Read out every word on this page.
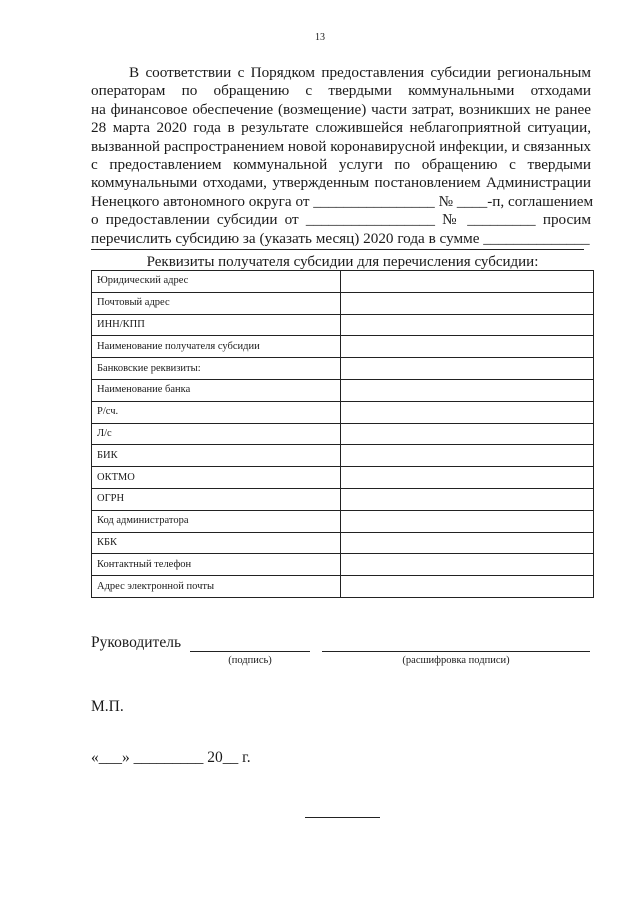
13
В соответствии с Порядком предоставления субсидии региональным
операторам по обращению с твердыми коммунальными отходами
на финансовое обеспечение (возмещение) части затрат, возникших не ранее
28 марта 2020 года в результате сложившейся неблагоприятной ситуации,
вызванной распространением новой коронавирусной инфекции, и связанных
с предоставлением коммунальной услуги по обращению с твердыми
коммунальными отходами, утвержденным постановлением Администрации
Ненецкого автономного округа от ________________ № ____-п, соглашением
о предоставлении субсидии от _________________ № _________ просим
перечислить субсидию за (указать месяц) 2020 года в сумме ______________
Реквизиты получателя субсидии для перечисления субсидии:
Юридический адрес	
Почтовый адрес	
ИНН/КПП	
Наименование получателя субсидии	
Банковские реквизиты:	
Наименование банка	
Р/сч.	
Л/с	
БИК	
ОКТМО	
ОГРН	
Код администратора	
КБК	
Контактный телефон	
Адрес электронной почты	
Руководитель
(подпись)	(расшифровка подписи)
М.П.
«___» _________ 20__ г.
